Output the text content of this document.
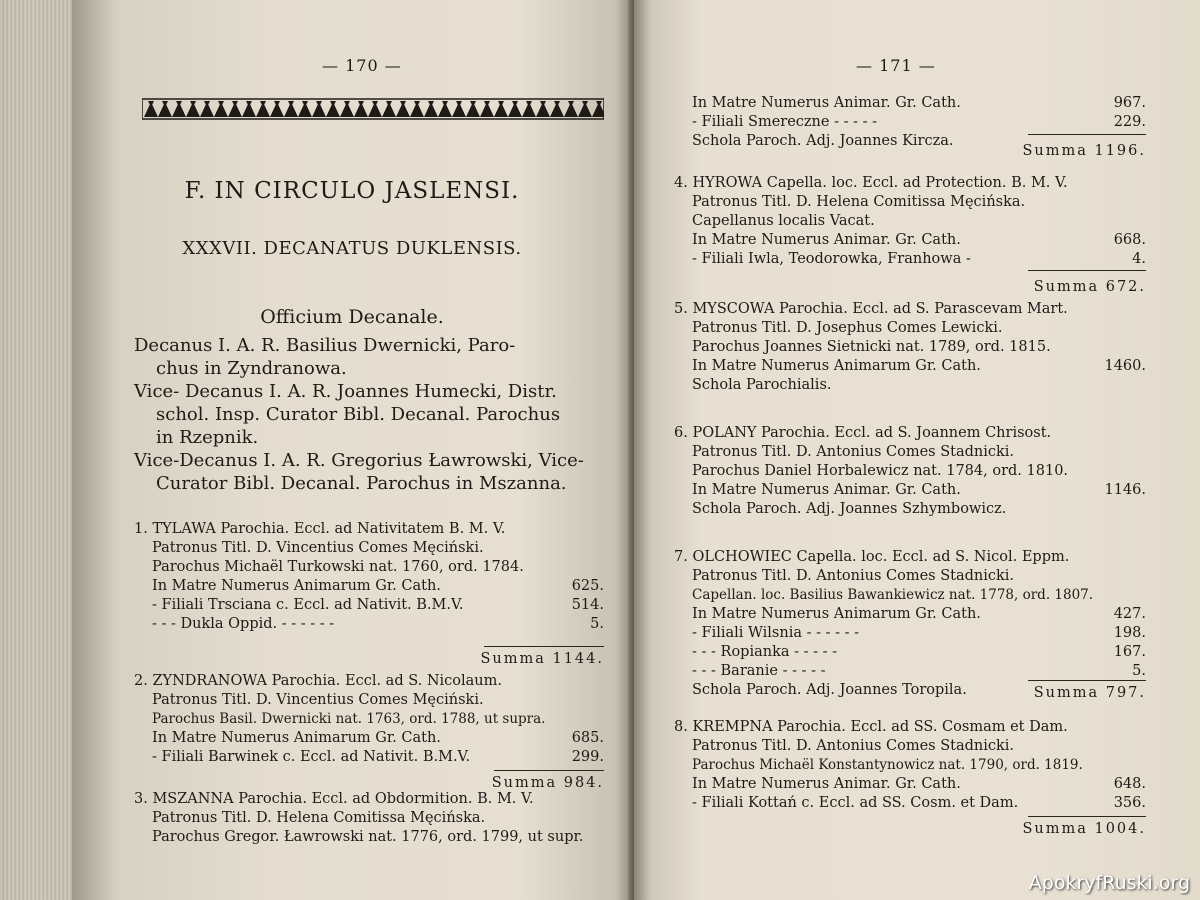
— 170 —
F. IN CIRCULO JASLENSI.
XXXVII. DECANATUS DUKLENSIS.
Officium Decanale.
Decanus I. A. R. Basilius Dwernicki, Paro-
chus in Zyndranowa.
Vice- Decanus I. A. R. Joannes Humecki, Distr.
schol. Insp. Curator Bibl. Decanal. Parochus
in Rzepnik.
Vice-Decanus I. A. R. Gregorius Ławrowski, Vice-
Curator Bibl. Decanal. Parochus in Mszanna.
1. TYLAWA Parochia. Eccl. ad Nativitatem B. M. V.
Patronus Titl. D. Vincentius Comes Męciński.
Parochus Michaël Turkowski nat. 1760, ord. 1784.
In Matre Numerus Animarum Gr. Cath.	625.
- Filiali Trsciana c. Eccl. ad Nativit. B.M.V.	514.
- - - Dukla Oppid. - - - - - -	5.
Summa 1144.
2. ZYNDRANOWA Parochia. Eccl. ad S. Nicolaum.
Patronus Titl. D. Vincentius Comes Męciński.
Parochus Basil. Dwernicki nat. 1763, ord. 1788, ut supra.
In Matre Numerus Animarum Gr. Cath.	685.
- Filiali Barwinek c. Eccl. ad Nativit. B.M.V.	299.
Summa 984.
3. MSZANNA Parochia. Eccl. ad Obdormition. B. M. V.
Patronus Titl. D. Helena Comitissa Męcińska.
Parochus Gregor. Ławrowski nat. 1776, ord. 1799, ut supr.
— 171 —
In Matre Numerus Animar. Gr. Cath.	967.
- Filiali Smereczne - - - - -	229.
Schola Paroch. Adj. Joannes Kircza.
Summa 1196.
4. HYROWA Capella. loc. Eccl. ad Protection. B. M. V.
Patronus Titl. D. Helena Comitissa Męcińska.
Capellanus localis Vacat.
In Matre Numerus Animar. Gr. Cath.	668.
- Filiali Iwla, Teodorowka, Franhowa -	4.
Summa 672.
5. MYSCOWA Parochia. Eccl. ad S. Parascevam Mart.
Patronus Titl. D. Josephus Comes Lewicki.
Parochus Joannes Sietnicki nat. 1789, ord. 1815.
In Matre Numerus Animarum Gr. Cath.	1460.
Schola Parochialis.
6. POLANY Parochia. Eccl. ad S. Joannem Chrisost.
Patronus Titl. D. Antonius Comes Stadnicki.
Parochus Daniel Horbalewicz nat. 1784, ord. 1810.
In Matre Numerus Animar. Gr. Cath.	1146.
Schola Paroch. Adj. Joannes Szhymbowicz.
7. OLCHOWIEC Capella. loc. Eccl. ad S. Nicol. Eppm.
Patronus Titl. D. Antonius Comes Stadnicki.
Capellan. loc. Basilius Bawankiewicz nat. 1778, ord. 1807.
In Matre Numerus Animarum Gr. Cath.	427.
- Filiali Wilsnia - - - - - -	198.
- - - Ropianka - - - - -	167.
- - - Baranie - - - - -	5.
Schola Paroch. Adj. Joannes Toropila.	Summa 797.
8. KREMPNA Parochia. Eccl. ad SS. Cosmam et Dam.
Patronus Titl. D. Antonius Comes Stadnicki.
Parochus Michaël Konstantynowicz nat. 1790, ord. 1819.
In Matre Numerus Animar. Gr. Cath.	648.
- Filiali Kottań c. Eccl. ad SS. Cosm. et Dam.	356.
Summa 1004.
ApokryfRuski.org
